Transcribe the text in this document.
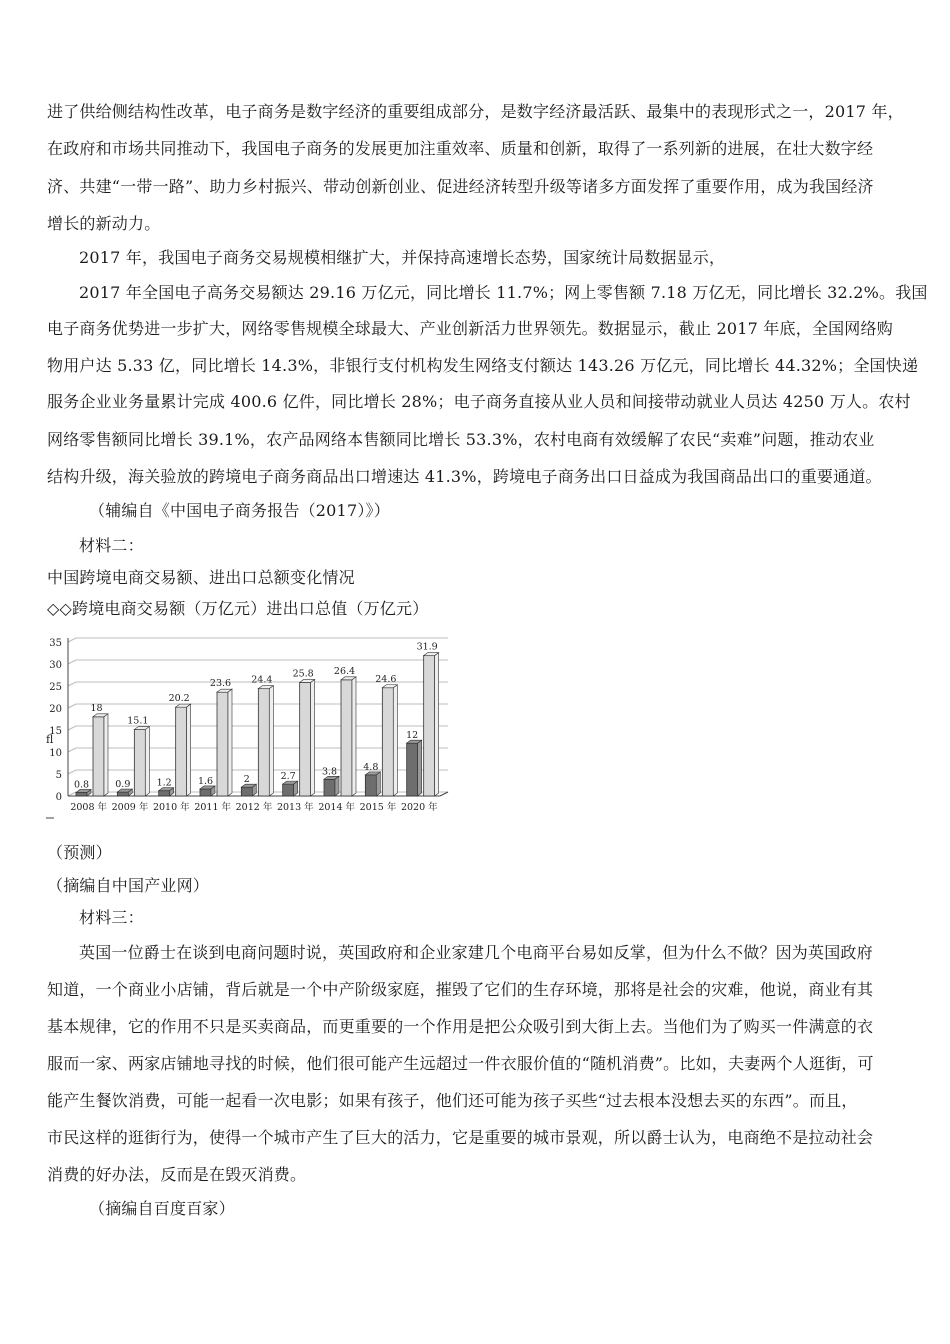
进了供给侧结构性改革，电子商务是数字经济的重要组成部分，是数字经济最活跃、最集中的表现形式之一，2017 年，
在政府和市场共同推动下，我国电子商务的发展更加注重效率、质量和创新，取得了一系列新的进展，在壮大数字经
济、共建“一带一路”、助力乡村振兴、带动创新创业、促进经济转型升级等诸多方面发挥了重要作用，成为我国经济
增长的新动力。
2017 年，我国电子商务交易规模相继扩大，并保持高速增长态势，国家统计局数据显示，
2017 年全国电子高务交易额达 29.16 万亿元，同比增长 11.7%；网上零售额 7.18 万亿无，同比增长 32.2%。我国
电子商务优势进一步扩大，网络零售规模全球最大、产业创新活力世界领先。数据显示，截止 2017 年底，全国网络购
物用户达 5.33 亿，同比增长 14.3%，非银行支付机构发生网络支付额达 143.26 万亿元，同比增长 44.32%；全国快递
服务企业业务量累计完成 400.6 亿件，同比增长 28%；电子商务直接从业人员和间接带动就业人员达 4250 万人。农村
网络零售额同比增长 39.1%，农产品网络本售额同比增长 53.3%，农村电商有效缓解了农民“卖难”问题，推动农业
结构升级，海关验放的跨境电子商务商品出口增速达 41.3%，跨境电子商务出口日益成为我国商品出口的重要通道。
（辅编自《中国电子商务报告（2017）》）
材料二：
中国跨境电商交易额、进出口总额变化情况
◇◇跨境电商交易额（万亿元）进出口总值（万亿元）
0
5
10
15
20
25
30
35
fl
0.8
18
2008 年
0.9
15.1
2009 年
1.2
20.2
2010 年
1.6
23.6
2011 年
2
24.4
2012 年
2.7
25.8
2013 年
3.8
26.4
2014 年
4.8
24.6
2015 年
12
31.9
2020 年
（预测）
（摘编自中国产业网）
材料三：
英国一位爵士在谈到电商问题时说，英国政府和企业家建几个电商平台易如反掌，但为什么不做？因为英国政府
知道，一个商业小店铺，背后就是一个中产阶级家庭，摧毁了它们的生存环境，那将是社会的灾难，他说，商业有其
基本规律，它的作用不只是买卖商品，而更重要的一个作用是把公众吸引到大街上去。当他们为了购买一件满意的衣
服而一家、两家店铺地寻找的时候，他们很可能产生远超过一件衣服价值的“随机消费”。比如，夫妻两个人逛街，可
能产生餐饮消费，可能一起看一次电影；如果有孩子，他们还可能为孩子买些“过去根本没想去买的东西”。而且，
市民这样的逛街行为，使得一个城市产生了巨大的活力，它是重要的城市景观，所以爵士认为，电商绝不是拉动社会
消费的好办法，反而是在毁灭消费。
（摘编自百度百家）
